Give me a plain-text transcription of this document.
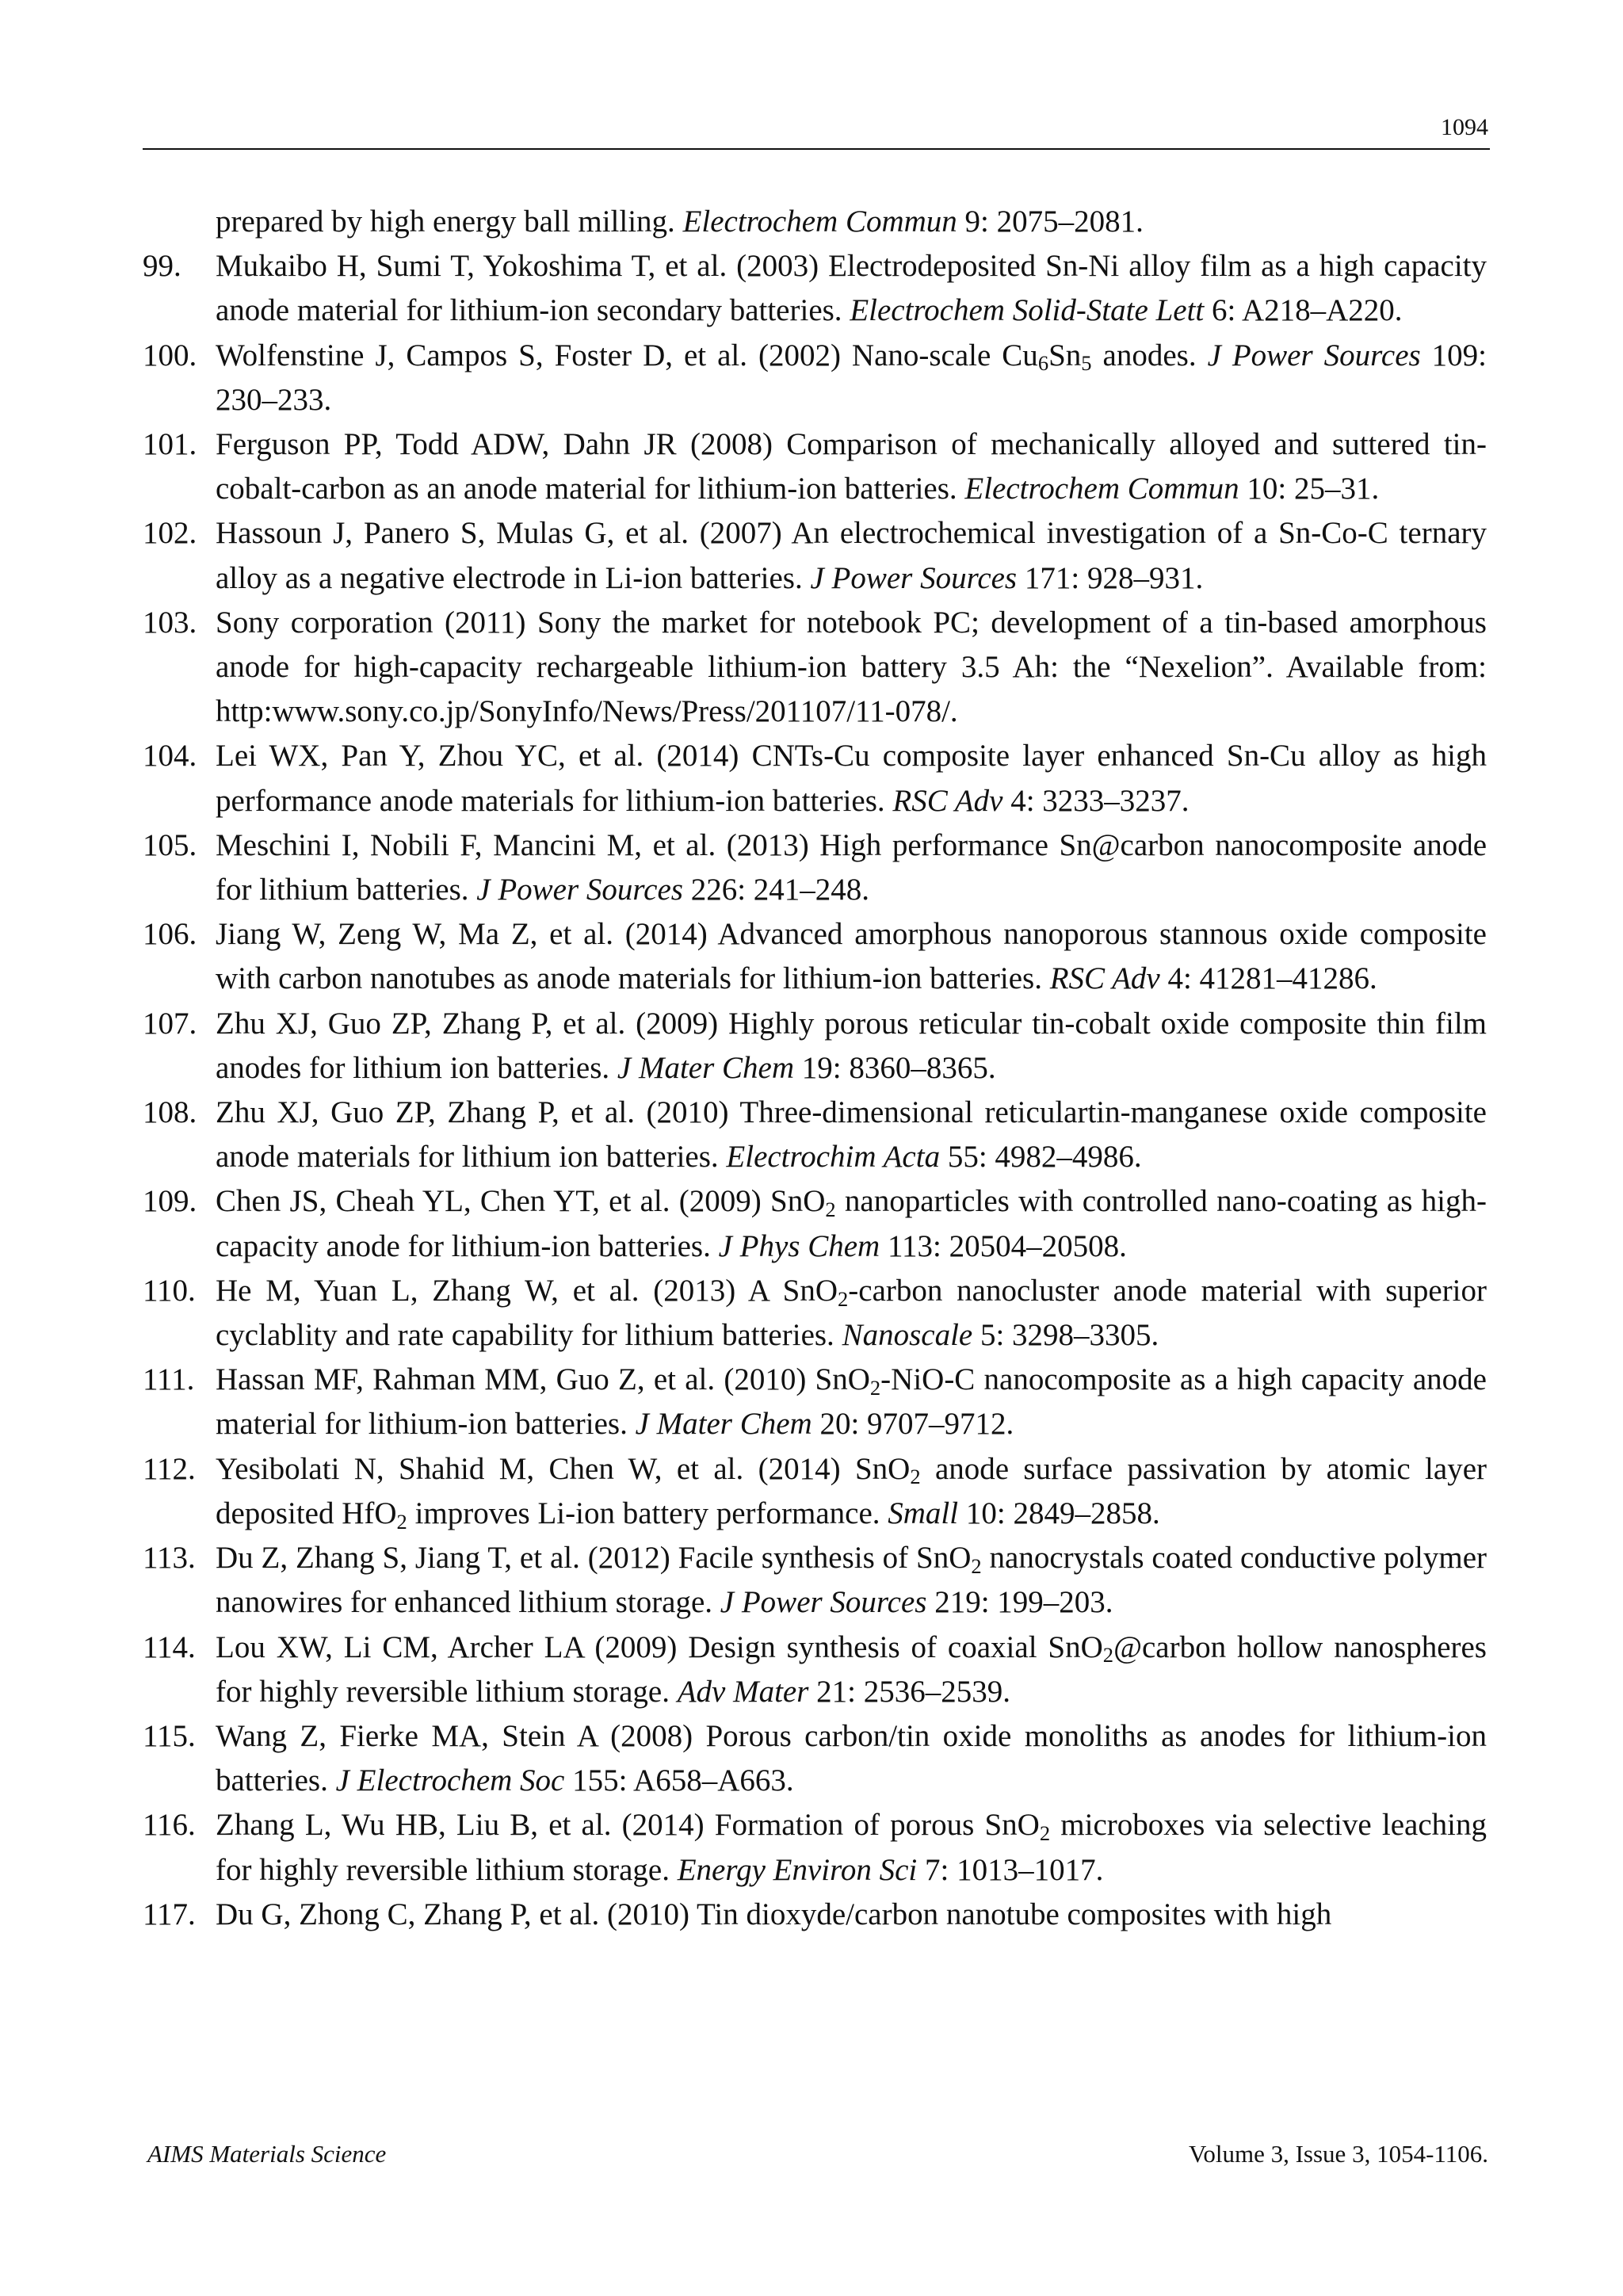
1094
prepared by high energy ball milling. Electrochem Commun 9: 2075–2081.
99.	Mukaibo H, Sumi T, Yokoshima T, et al. (2003) Electrodeposited Sn-Ni alloy film as a high capacity anode material for lithium-ion secondary batteries. Electrochem Solid-State Lett 6: A218–A220.
100. Wolfenstine J, Campos S, Foster D, et al. (2002) Nano-scale $Cu_6Sn_5$ anodes. J Power Sources 109: 230–233.
101. Ferguson PP, Todd ADW, Dahn JR (2008) Comparison of mechanically alloyed and suttered tin-cobalt-carbon as an anode material for lithium-ion batteries. Electrochem Commun 10: 25–31.
102. Hassoun J, Panero S, Mulas G, et al. (2007) An electrochemical investigation of a Sn-Co-C ternary alloy as a negative electrode in Li-ion batteries. J Power Sources 171: 928–931.
103. Sony corporation (2011) Sony the market for notebook PC; development of a tin-based amorphous anode for high-capacity rechargeable lithium-ion battery 3.5 Ah: the “Nexelion”. Available from: http:www.sony.co.jp/SonyInfo/News/Press/201107/11-078/.
104. Lei WX, Pan Y, Zhou YC, et al. (2014) CNTs-Cu composite layer enhanced Sn-Cu alloy as high performance anode materials for lithium-ion batteries. RSC Adv 4: 3233–3237.
105. Meschini I, Nobili F, Mancini M, et al. (2013) High performance Sn@carbon nanocomposite anode for lithium batteries. J Power Sources 226: 241–248.
106. Jiang W, Zeng W, Ma Z, et al. (2014) Advanced amorphous nanoporous stannous oxide composite with carbon nanotubes as anode materials for lithium-ion batteries. RSC Adv 4: 41281–41286.
107. Zhu XJ, Guo ZP, Zhang P, et al. (2009) Highly porous reticular tin-cobalt oxide composite thin film anodes for lithium ion batteries. J Mater Chem 19: 8360–8365.
108. Zhu XJ, Guo ZP, Zhang P, et al. (2010) Three-dimensional reticulartin-manganese oxide composite anode materials for lithium ion batteries. Electrochim Acta 55: 4982–4986.
109. Chen JS, Cheah YL, Chen YT, et al. (2009) SnO$_2$ nanoparticles with controlled nano-coating as high-capacity anode for lithium-ion batteries. J Phys Chem 113: 20504–20508.
110. He M, Yuan L, Zhang W, et al. (2013) A SnO$_2$-carbon nanocluster anode material with superior cyclablity and rate capability for lithium batteries. Nanoscale 5: 3298–3305.
111. Hassan MF, Rahman MM, Guo Z, et al. (2010) SnO$_2$-NiO-C nanocomposite as a high capacity anode material for lithium-ion batteries. J Mater Chem 20: 9707–9712.
112. Yesibolati N, Shahid M, Chen W, et al. (2014) SnO$_2$ anode surface passivation by atomic layer deposited HfO$_2$ improves Li-ion battery performance. Small 10: 2849–2858.
113. Du Z, Zhang S, Jiang T, et al. (2012) Facile synthesis of SnO$_2$ nanocrystals coated conductive polymer nanowires for enhanced lithium storage. J Power Sources 219: 199–203.
114. Lou XW, Li CM, Archer LA (2009) Design synthesis of coaxial SnO$_2$@carbon hollow nanospheres for highly reversible lithium storage. Adv Mater 21: 2536–2539.
115. Wang Z, Fierke MA, Stein A (2008) Porous carbon/tin oxide monoliths as anodes for lithium-ion batteries. J Electrochem Soc 155: A658–A663.
116. Zhang L, Wu HB, Liu B, et al. (2014) Formation of porous SnO$_2$ microboxes via selective leaching for highly reversible lithium storage. Energy Environ Sci 7: 1013–1017.
117. Du G, Zhong C, Zhang P, et al. (2010) Tin dioxyde/carbon nanotube composites with high
AIMS Materials Science	Volume 3, Issue 3, 1054-1106.
